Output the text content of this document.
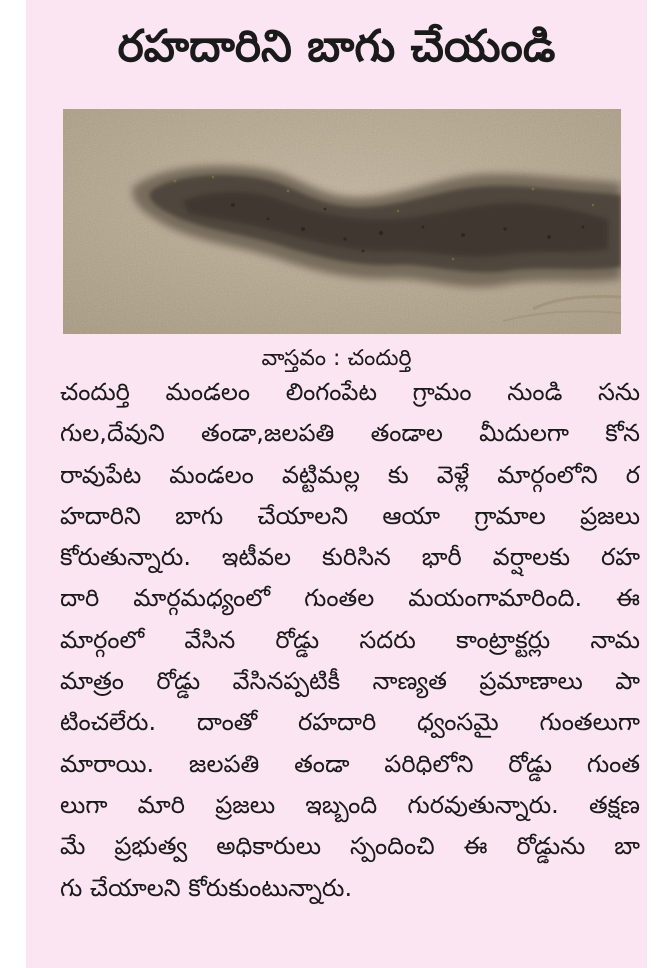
రహదారిని బాగు చేయండి
వాస్తవం : చందుర్తి
చందుర్తి మండలం లింగంపేట గ్రామం నుండి సను
గుల,దేవుని తండా,జలపతి తండాల మీదులగా కోన
రావుపేట మండలం వట్టిమల్ల కు వెళ్లే మార్గంలోని ర
హదారిని బాగు చేయాలని ఆయా గ్రామాల ప్రజలు
కోరుతున్నారు. ఇటీవల కురిసిన భారీ వర్షాలకు రహ
దారి మార్గమధ్యంలో గుంతల మయంగామారింది. ఈ
మార్గంలో వేసిన రోడ్డు సదరు కాంట్రాక్టర్లు నామ
మాత్రం రోడ్డు వేసినప్పటికీ నాణ్యత ప్రమాణాలు పా
టించలేరు. దాంతో రహదారి ధ్వంసమై గుంతలుగా
మారాయి. జలపతి తండా పరిధిలోని రోడ్డు గుంత
లుగా మారి ప్రజలు ఇబ్బంది గురవుతున్నారు. తక్షణ
మే ప్రభుత్వ అధికారులు స్పందించి ఈ రోడ్డును బా
గు చేయాలని కోరుకుంటున్నారు.
